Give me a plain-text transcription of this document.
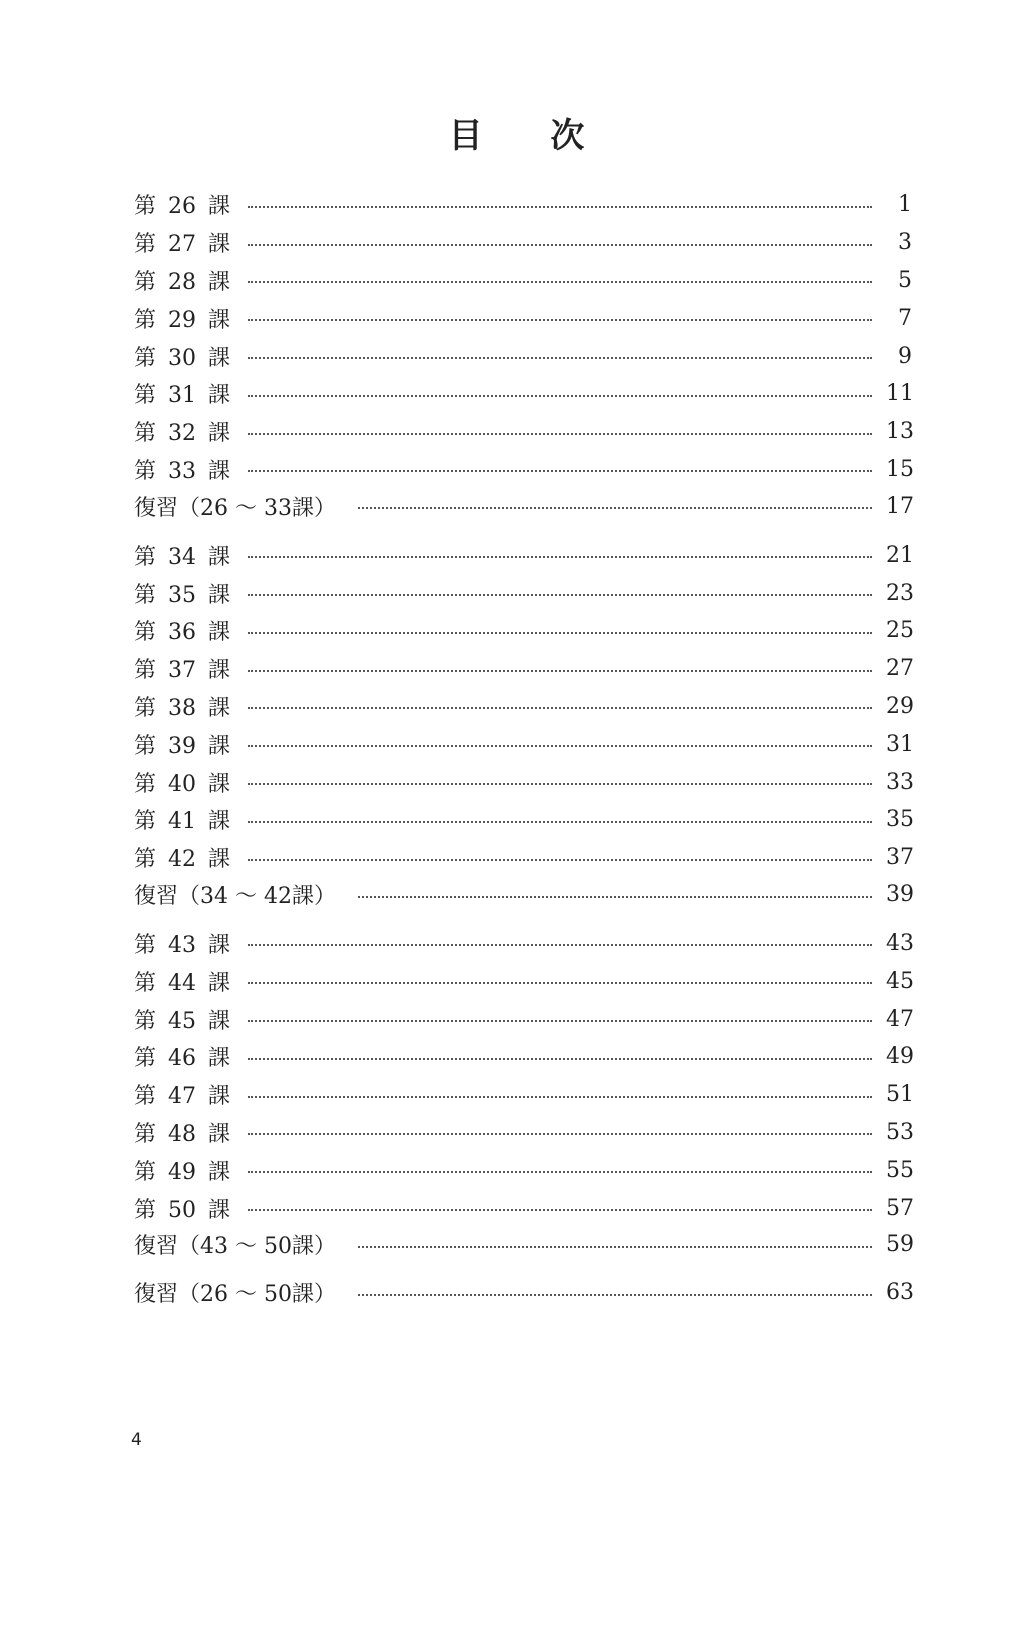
目 次
第 26 課	1
第 27 課	3
第 28 課	5
第 29 課	7
第 30 課	9
第 31 課	11
第 32 課	13
第 33 課	15
復習（26 ～ 33課）	17
第 34 課	21
第 35 課	23
第 36 課	25
第 37 課	27
第 38 課	29
第 39 課	31
第 40 課	33
第 41 課	35
第 42 課	37
復習（34 ～ 42課）	39
第 43 課	43
第 44 課	45
第 45 課	47
第 46 課	49
第 47 課	51
第 48 課	53
第 49 課	55
第 50 課	57
復習（43 ～ 50課）	59
復習（26 ～ 50課）	63
4
